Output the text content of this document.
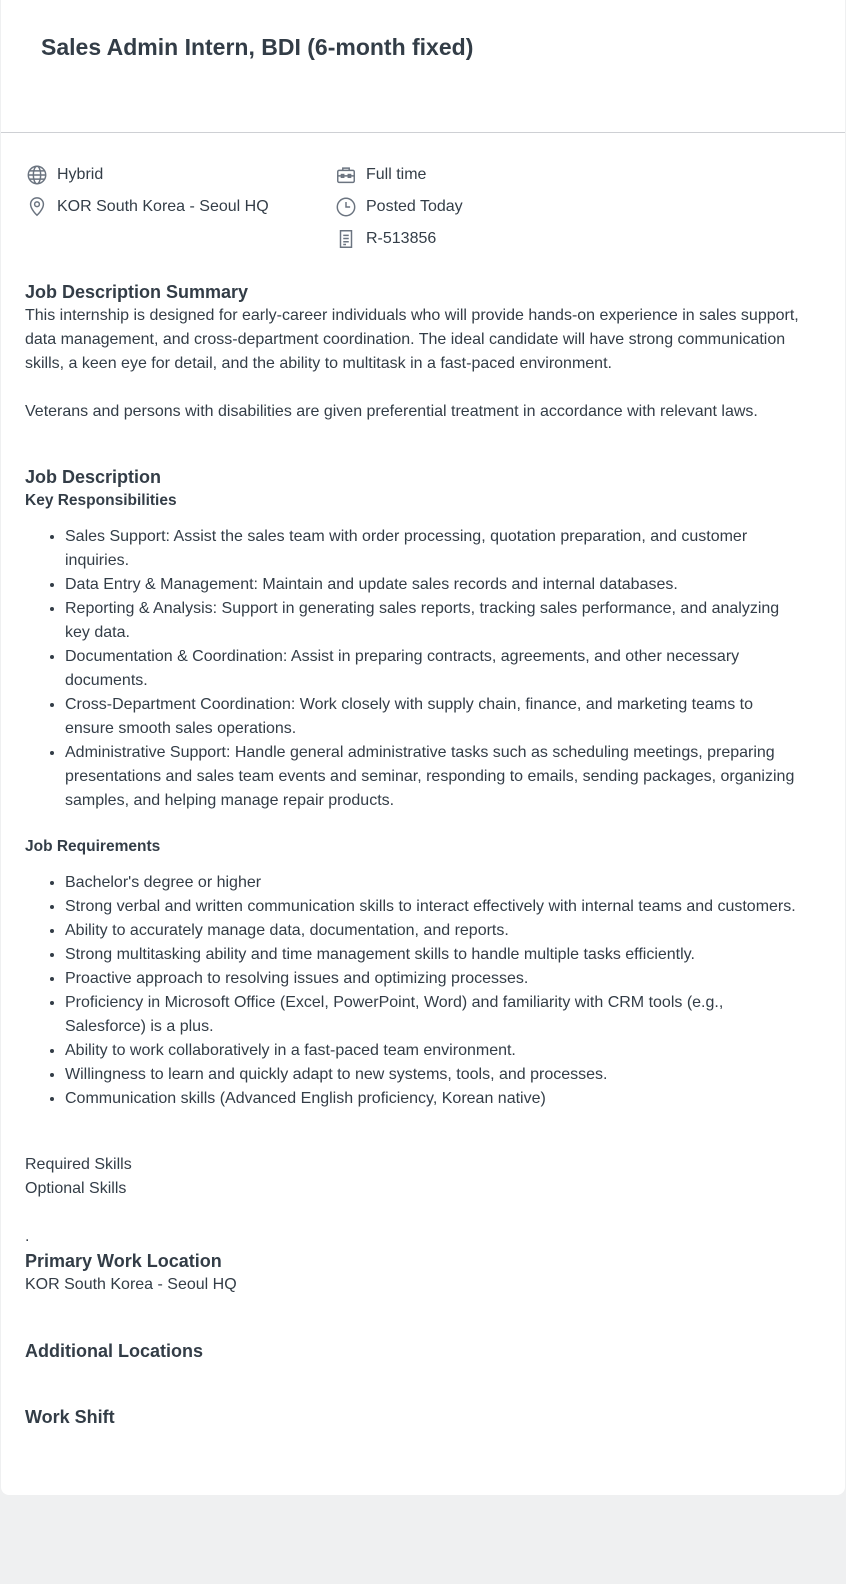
Sales Admin Intern, BDI (6-month fixed)
Hybrid
KOR South Korea - Seoul HQ
Full time
Posted Today
R-513856
Job Description Summary

This internship is designed for early-career individuals who will provide hands-on experience in sales support, data management, and cross-department coordination. The ideal candidate will have strong communication skills, a keen eye for detail, and the ability to multitask in a fast-paced environment.

Veterans and persons with disabilities are given preferential treatment in accordance with relevant laws.

Job Description

Key Responsibilities

• Sales Support: Assist the sales team with order processing, quotation preparation, and customer inquiries.
• Data Entry & Management: Maintain and update sales records and internal databases.
• Reporting & Analysis: Support in generating sales reports, tracking sales performance, and analyzing key data.
• Documentation & Coordination: Assist in preparing contracts, agreements, and other necessary documents.
• Cross-Department Coordination: Work closely with supply chain, finance, and marketing teams to ensure smooth sales operations.
• Administrative Support: Handle general administrative tasks such as scheduling meetings, preparing presentations and sales team events and seminar, responding to emails, sending packages, organizing samples, and helping manage repair products.

Job Requirements

• Bachelor's degree or higher
• Strong verbal and written communication skills to interact effectively with internal teams and customers.
• Ability to accurately manage data, documentation, and reports.
• Strong multitasking ability and time management skills to handle multiple tasks efficiently.
• Proactive approach to resolving issues and optimizing processes.
• Proficiency in Microsoft Office (Excel, PowerPoint, Word) and familiarity with CRM tools (e.g., Salesforce) is a plus.
• Ability to work collaboratively in a fast-paced team environment.
• Willingness to learn and quickly adapt to new systems, tools, and processes.
• Communication skills (Advanced English proficiency, Korean native)

Required Skills

Optional Skills

.

Primary Work Location

KOR South Korea - Seoul HQ

Additional Locations
Work Shift
